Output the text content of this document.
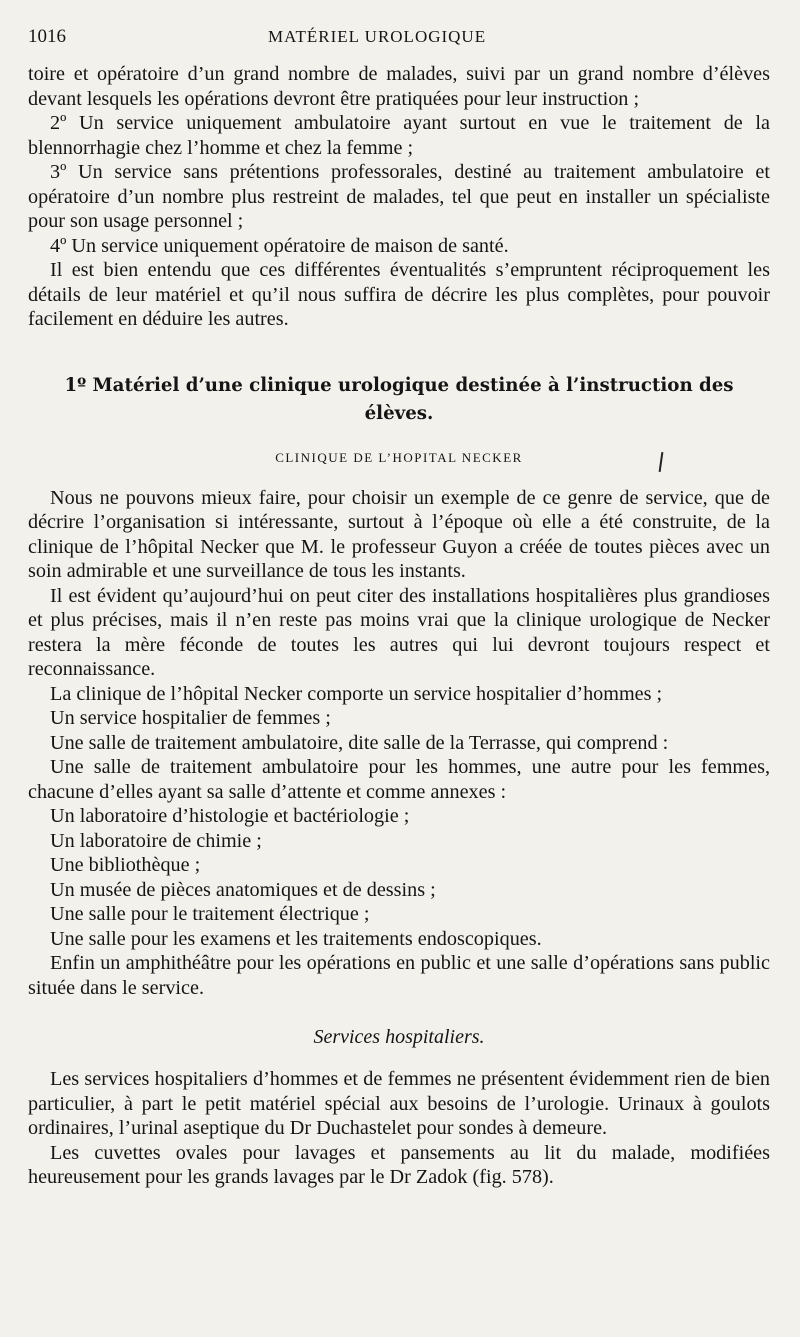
1016	MATÉRIEL UROLOGIQUE

toire et opératoire d’un grand nombre de malades, suivi par un grand nombre d’élèves devant lesquels les opérations devront être pratiquées pour leur instruction ;

2º Un service uniquement ambulatoire ayant surtout en vue le traitement de la blennorrhagie chez l’homme et chez la femme ;

3º Un service sans prétentions professorales, destiné au traitement ambulatoire et opératoire d’un nombre plus restreint de malades, tel que peut en installer un spécialiste pour son usage personnel ;

4º Un service uniquement opératoire de maison de santé.

Il est bien entendu que ces différentes éventualités s’empruntent réciproquement les détails de leur matériel et qu’il nous suffira de décrire les plus complètes, pour pouvoir facilement en déduire les autres.

1º Matériel d’une clinique urologique destinée à l’instruction des élèves.
CLINIQUE DE L’HOPITAL NECKER

Nous ne pouvons mieux faire, pour choisir un exemple de ce genre de service, que de décrire l’organisation si intéressante, surtout à l’époque où elle a été construite, de la clinique de l’hôpital Necker que M. le professeur Guyon a créée de toutes pièces avec un soin admirable et une surveillance de tous les instants.

Il est évident qu’aujourd’hui on peut citer des installations hospitalières plus grandioses et plus précises, mais il n’en reste pas moins vrai que la clinique urologique de Necker restera la mère féconde de toutes les autres qui lui devront toujours respect et reconnaissance.

La clinique de l’hôpital Necker comporte un service hospitalier d’hommes ;

Un service hospitalier de femmes ;

Une salle de traitement ambulatoire, dite salle de la Terrasse, qui comprend :

Une salle de traitement ambulatoire pour les hommes, une autre pour les femmes, chacune d’elles ayant sa salle d’attente et comme annexes :

Un laboratoire d’histologie et bactériologie ;

Un laboratoire de chimie ;

Une bibliothèque ;

Un musée de pièces anatomiques et de dessins ;

Une salle pour le traitement électrique ;

Une salle pour les examens et les traitements endoscopiques.

Enfin un amphithéâtre pour les opérations en public et une salle d’opérations sans public située dans le service.

Services hospitaliers.

Les services hospitaliers d’hommes et de femmes ne présentent évidemment rien de bien particulier, à part le petit matériel spécial aux besoins de l’urologie. Urinaux à goulots ordinaires, l’urinal aseptique du Dr Duchastelet pour sondes à demeure.

Les cuvettes ovales pour lavages et pansements au lit du malade, modifiées heureusement pour les grands lavages par le Dr Zadok (fig. 578).
